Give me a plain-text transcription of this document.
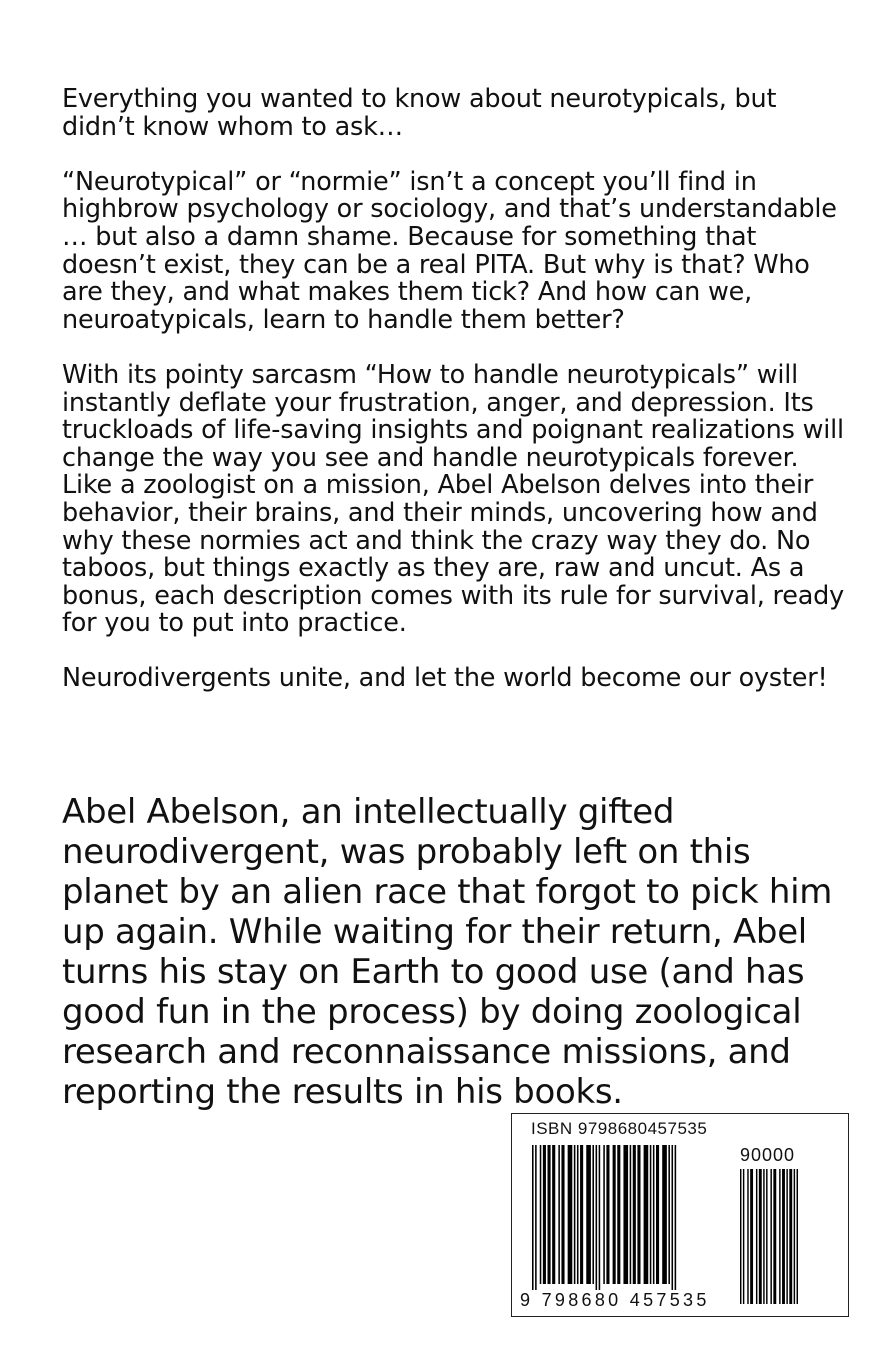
Everything you wanted to know about neurotypicals, but didn’t know whom to ask…

“Neurotypical” or “normie” isn’t a concept you’ll find in highbrow psychology or sociology, and that’s understandable … but also a damn shame. Because for something that doesn’t exist, they can be a real PITA. But why is that? Who are they, and what makes them tick? And how can we, neuroatypicals, learn to handle them better?

With its pointy sarcasm “How to handle neurotypicals” will instantly deflate your frustration, anger, and depression. Its truckloads of life-saving insights and poignant realizations will change the way you see and handle neurotypicals forever. Like a zoologist on a mission, Abel Abelson delves into their behavior, their brains, and their minds, uncovering how and why these normies act and think the crazy way they do. No taboos, but things exactly as they are, raw and uncut. As a bonus, each description comes with its rule for survival, ready for you to put into practice.

Neurodivergents unite, and let the world become our oyster!

Abel Abelson, an intellectually gifted neurodivergent, was probably left on this planet by an alien race that forgot to pick him up again. While waiting for their return, Abel turns his stay on Earth to good use (and has good fun in the process) by doing zoological research and reconnaissance missions, and reporting the results in his books.
ISBN 9798680457535
90000
9 798680 457535
